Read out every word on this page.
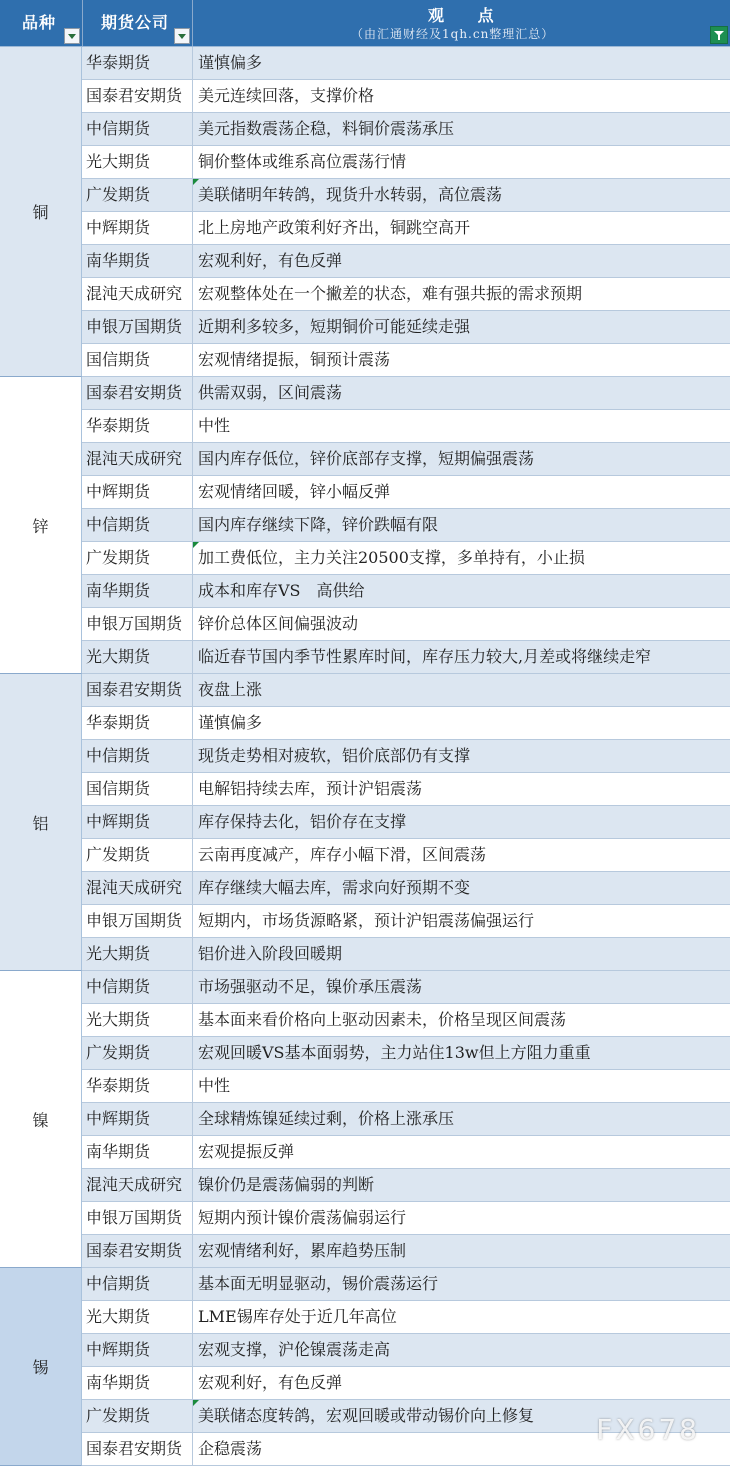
品种	期货公司	观 点
（由汇通财经及1qh.cn整理汇总）
铜
华泰期货	谨慎偏多
国泰君安期货 美元连续回落，支撑价格
中信期货	美元指数震荡企稳，料铜价震荡承压
光大期货	铜价整体或维系高位震荡行情
广发期货	美联储明年转鸽，现货升水转弱，高位震荡
中辉期货	北上房地产政策利好齐出，铜跳空高开
南华期货	宏观利好，有色反弹
混沌天成研究 宏观整体处在一个撇差的状态，难有强共振的需求预期
申银万国期货 近期利多较多，短期铜价可能延续走强
国信期货	宏观情绪提振，铜预计震荡
锌
国泰君安期货 供需双弱，区间震荡
华泰期货	中性
混沌天成研究 国内库存低位，锌价底部存支撑，短期偏强震荡
中辉期货	宏观情绪回暖，锌小幅反弹
中信期货	国内库存继续下降，锌价跌幅有限
广发期货	加工费低位，主力关注20500支撑，多单持有，小止损
南华期货	成本和库存VS　高供给
申银万国期货 锌价总体区间偏强波动
光大期货	临近春节国内季节性累库时间，库存压力较大,月差或将继续走窄
铝
国泰君安期货 夜盘上涨
华泰期货	谨慎偏多
中信期货	现货走势相对疲软，铝价底部仍有支撑
国信期货	电解铝持续去库，预计沪铝震荡
中辉期货	库存保持去化，铝价存在支撑
广发期货	云南再度减产，库存小幅下滑，区间震荡
混沌天成研究 库存继续大幅去库，需求向好预期不变
申银万国期货 短期内，市场货源略紧，预计沪铝震荡偏强运行
光大期货	铝价进入阶段回暖期
镍
中信期货	市场强驱动不足，镍价承压震荡
光大期货	基本面来看价格向上驱动因素未，价格呈现区间震荡
广发期货	宏观回暖VS基本面弱势，主力站住13w但上方阻力重重
华泰期货	中性
中辉期货	全球精炼镍延续过剩，价格上涨承压
南华期货	宏观提振反弹
混沌天成研究 镍价仍是震荡偏弱的判断
申银万国期货 短期内预计镍价震荡偏弱运行
国泰君安期货 宏观情绪利好，累库趋势压制
锡
中信期货	基本面无明显驱动，锡价震荡运行
光大期货	LME锡库存处于近几年高位
中辉期货	宏观支撑，沪伦镍震荡走高
南华期货	宏观利好，有色反弹
广发期货	美联储态度转鸽，宏观回暖或带动锡价向上修复
国泰君安期货 企稳震荡
FX678
